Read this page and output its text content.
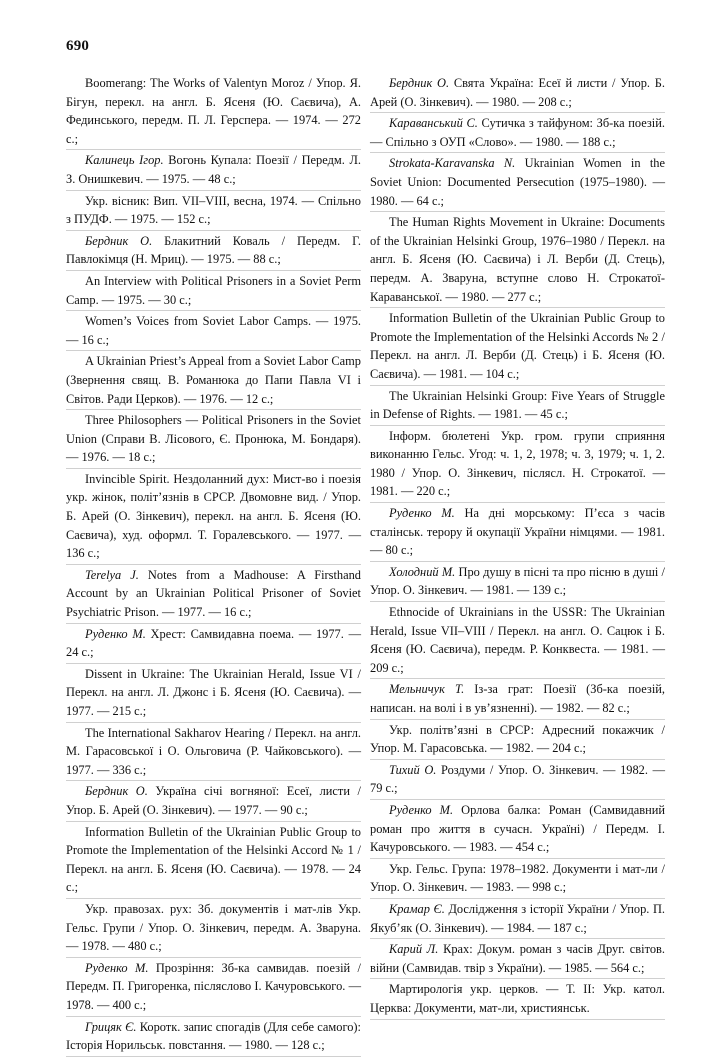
690
Boomerang: The Works of Valentyn Moroz / Упор. Я. Бігун, перекл. на англ. Б. Ясеня (Ю. Саєвича), А. Фединського, передм. П. Л. Герспера. — 1974. — 272 с.;
Калинець Ігор. Вогонь Купала: Поезії / Передм. Л. З. Онишкевич. — 1975. — 48 с.;
Укр. вісник: Вип. VII–VIII, весна, 1974. — Спільно з ПУДФ. — 1975. — 152 с.;
Бердник О. Блакитний Коваль / Передм. Г. Павлокімця (Н. Мриц). — 1975. — 88 с.;
An Interview with Political Prisoners in a Soviet Perm Camp. — 1975. — 30 с.;
Women’s Voices from Soviet Labor Camps. — 1975. — 16 с.;
A Ukrainian Priest’s Appeal from a Soviet Labor Camp (Звернення свящ. В. Романюка до Папи Павла VI і Світов. Ради Церков). — 1976. — 12 с.;
Three Philosophers — Political Prisoners in the Soviet Union (Справи В. Лісового, Є. Пронюка, М. Бондаря). — 1976. — 18 с.;
Invincible Spirit. Нездоланний дух: Мист-во і поезія укр. жінок, політ’язнів в СРСР. Двомовне вид. / Упор. Б. Арей (О. Зінкевич), перекл. на англ. Б. Ясеня (Ю. Саєвича), худ. оформл. Т. Горалевського. — 1977. — 136 с.;
Terelya J. Notes from a Madhouse: A Firsthand Account by an Ukrainian Political Prisoner of Soviet Psychiatric Prison. — 1977. — 16 с.;
Руденко М. Хрест: Самвидавна поема. — 1977. — 24 с.;
Dissent in Ukraine: The Ukrainian Herald, Issue VI / Перекл. на англ. Л. Джонс і Б. Ясеня (Ю. Саєвича). — 1977. — 215 с.;
The International Sakharov Hearing / Перекл. на англ. М. Гарасовської і О. Ольговича (Р. Чайковського). — 1977. — 336 с.;
Бердник О. Україна січі вогняної: Есеї, листи / Упор. Б. Арей (О. Зінкевич). — 1977. — 90 с.;
Information Bulletin of the Ukrainian Public Group to Promote the Implementation of the Helsinki Accord № 1 / Перекл. на англ. Б. Ясеня (Ю. Саєвича). — 1978. — 24 с.;
Укр. правозах. рух: Зб. документів і мат-лів Укр. Гельс. Групи / Упор. О. Зінкевич, передм. А. Зваруна. — 1978. — 480 с.;
Руденко М. Прозріння: Зб-ка самвидав. поезій / Передм. П. Григоренка, післяслово І. Качуровського. — 1978. — 400 с.;
Грицяк Є. Коротк. запис спогадів (Для себе самого): Історія Норильськ. повстання. — 1980. — 128 с.;
Бердник О. Свята Україна: Есеї й листи / Упор. Б. Арей (О. Зінкевич). — 1980. — 208 с.;
Караванський С. Сутичка з тайфуном: Зб-ка поезій. — Спільно з ОУП «Слово». — 1980. — 188 с.;
Strokata-Karavanska N. Ukrainian Women in the Soviet Union: Documented Persecution (1975–1980). — 1980. — 64 с.;
The Human Rights Movement in Ukraine: Documents of the Ukrainian Helsinki Group, 1976–1980 / Перекл. на англ. Б. Ясеня (Ю. Саєвича) і Л. Верби (Д. Стець), передм. А. Зваруна, вступне слово Н. Строкатої-Караванської. — 1980. — 277 с.;
Information Bulletin of the Ukrainian Public Group to Promote the Implementation of the Helsinki Accords № 2 / Перекл. на англ. Л. Верби (Д. Стець) і Б. Ясеня (Ю. Саєвича). — 1981. — 104 с.;
The Ukrainian Helsinki Group: Five Years of Struggle in Defense of Rights. — 1981. — 45 с.;
Інформ. бюлетені Укр. гром. групи сприяння виконанню Гельс. Угод: ч. 1, 2, 1978; ч. 3, 1979; ч. 1, 2. 1980 / Упор. О. Зінкевич, післясл. Н. Строкатої. — 1981. — 220 с.;
Руденко М. На дні морському: П’єса з часів сталінськ. терору й окупації України німцями. — 1981. — 80 с.;
Холодний М. Про душу в пісні та про пісню в душі / Упор. О. Зінкевич. — 1981. — 139 с.;
Ethnocide of Ukrainians in the USSR: The Ukrainian Herald, Issue VII–VIII / Перекл. на англ. О. Сацюк і Б. Ясеня (Ю. Саєвича), передм. Р. Конквеста. — 1981. — 209 с.;
Мельничук Т. Із-за грат: Поезії (Зб-ка поезій, написан. на волі і в ув’язненні). — 1982. — 82 с.;
Укр. політв’язні в СРСР: Адресний покажчик / Упор. М. Гарасовська. — 1982. — 204 с.;
Тихий О. Роздуми / Упор. О. Зінкевич. — 1982. — 79 с.;
Руденко М. Орлова балка: Роман (Самвидавний роман про життя в сучасн. Україні) / Передм. І. Качуровського. — 1983. — 454 с.;
Укр. Гельс. Група: 1978–1982. Документи і мат-ли / Упор. О. Зінкевич. — 1983. — 998 с.;
Крамар Є. Дослідження з історії України / Упор. П. Якуб’як (О. Зінкевич). — 1984. — 187 с.;
Карий Л. Крах: Докум. роман з часів Друг. світов. війни (Самвидав. твір з України). — 1985. — 564 с.;
Мартирологія укр. церков. — Т. II: Укр. катол. Церква: Документи, мат-ли, християнськ.
